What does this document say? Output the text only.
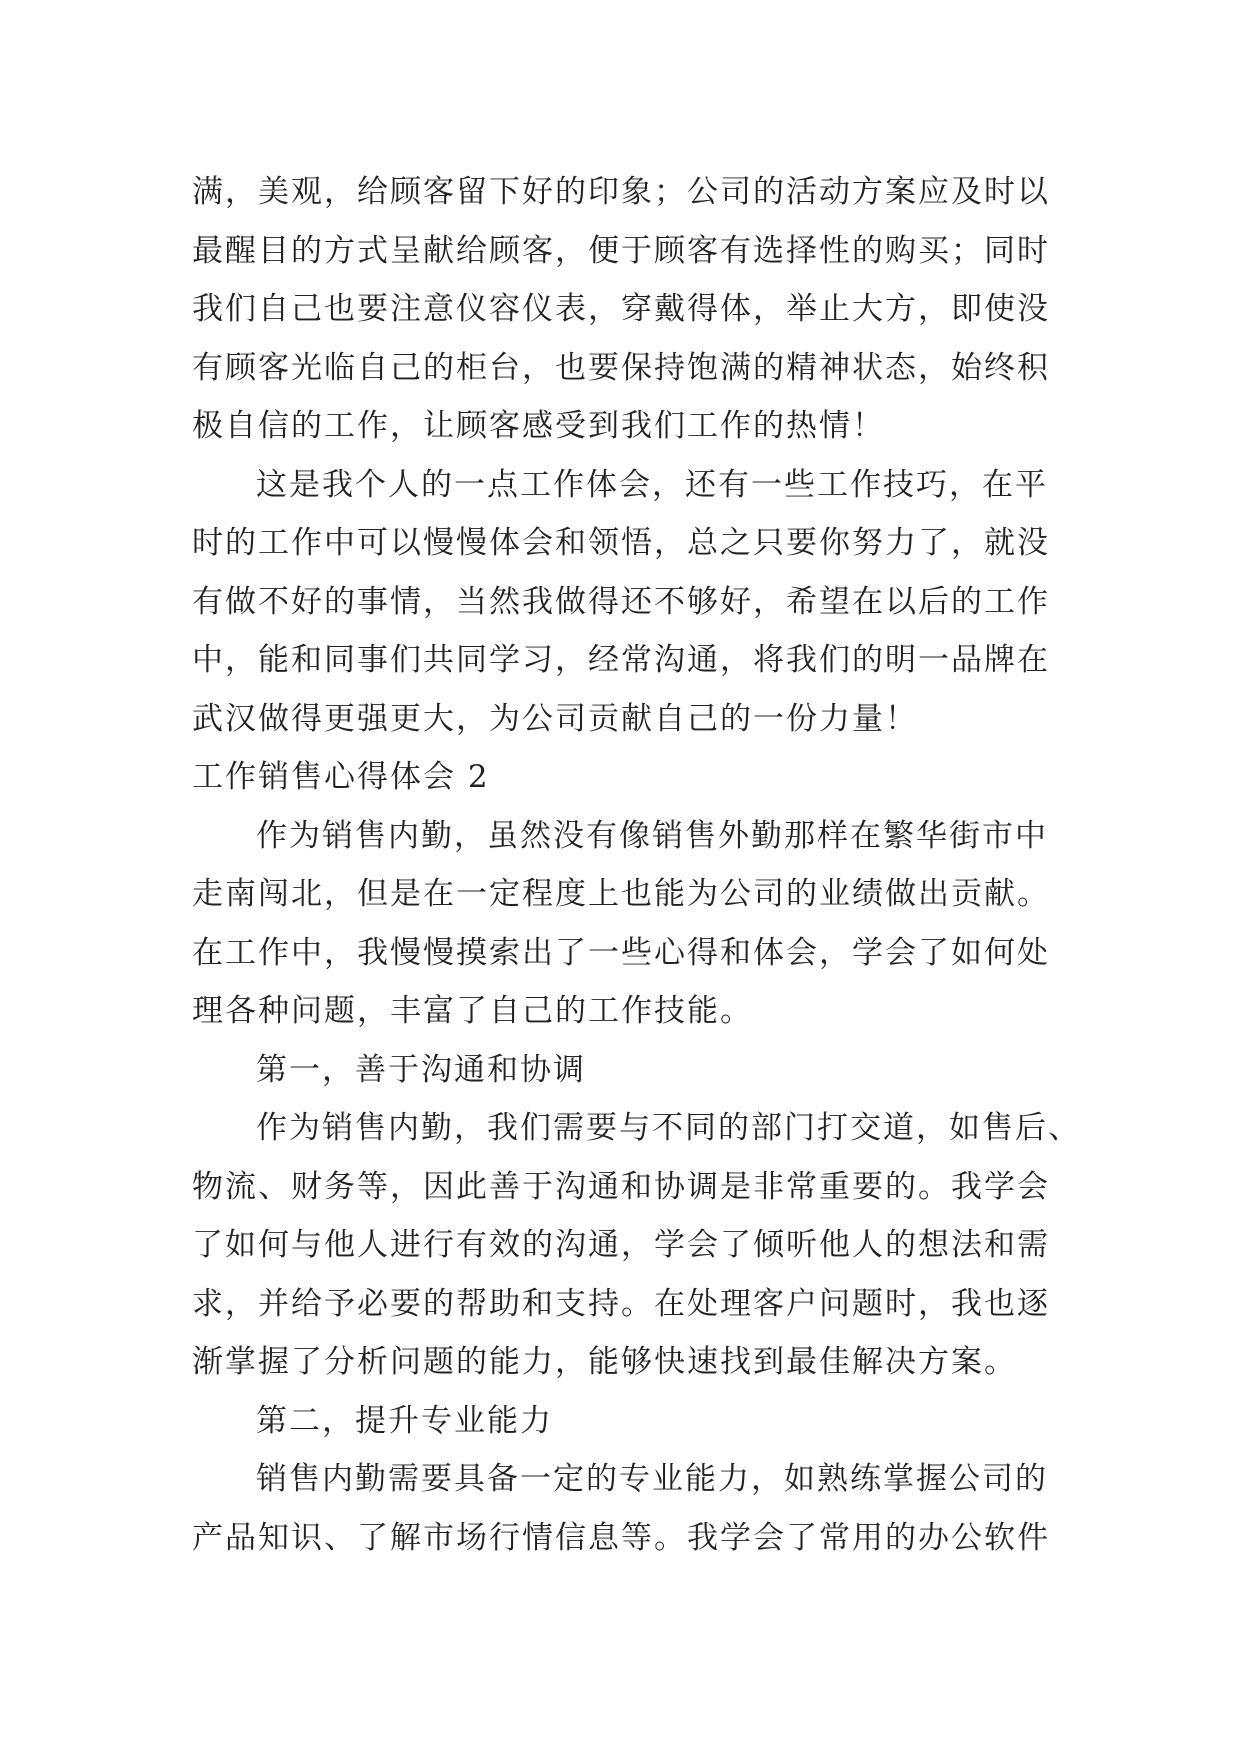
满，美观，给顾客留下好的印象；公司的活动方案应及时以
最醒目的方式呈献给顾客，便于顾客有选择性的购买；同时
我们自己也要注意仪容仪表，穿戴得体，举止大方，即使没
有顾客光临自己的柜台，也要保持饱满的精神状态，始终积
极自信的工作，让顾客感受到我们工作的热情！
这是我个人的一点工作体会，还有一些工作技巧，在平
时的工作中可以慢慢体会和领悟，总之只要你努力了，就没
有做不好的事情，当然我做得还不够好，希望在以后的工作
中，能和同事们共同学习，经常沟通，将我们的明一品牌在
武汉做得更强更大，为公司贡献自己的一份力量！
工作销售心得体会 2
作为销售内勤，虽然没有像销售外勤那样在繁华街市中
走南闯北，但是在一定程度上也能为公司的业绩做出贡献。
在工作中，我慢慢摸索出了一些心得和体会，学会了如何处
理各种问题，丰富了自己的工作技能。
第一，善于沟通和协调
作为销售内勤，我们需要与不同的部门打交道，如售后、
物流、财务等，因此善于沟通和协调是非常重要的。我学会
了如何与他人进行有效的沟通，学会了倾听他人的想法和需
求，并给予必要的帮助和支持。在处理客户问题时，我也逐
渐掌握了分析问题的能力，能够快速找到最佳解决方案。
第二，提升专业能力
销售内勤需要具备一定的专业能力，如熟练掌握公司的
产品知识、了解市场行情信息等。我学会了常用的办公软件
